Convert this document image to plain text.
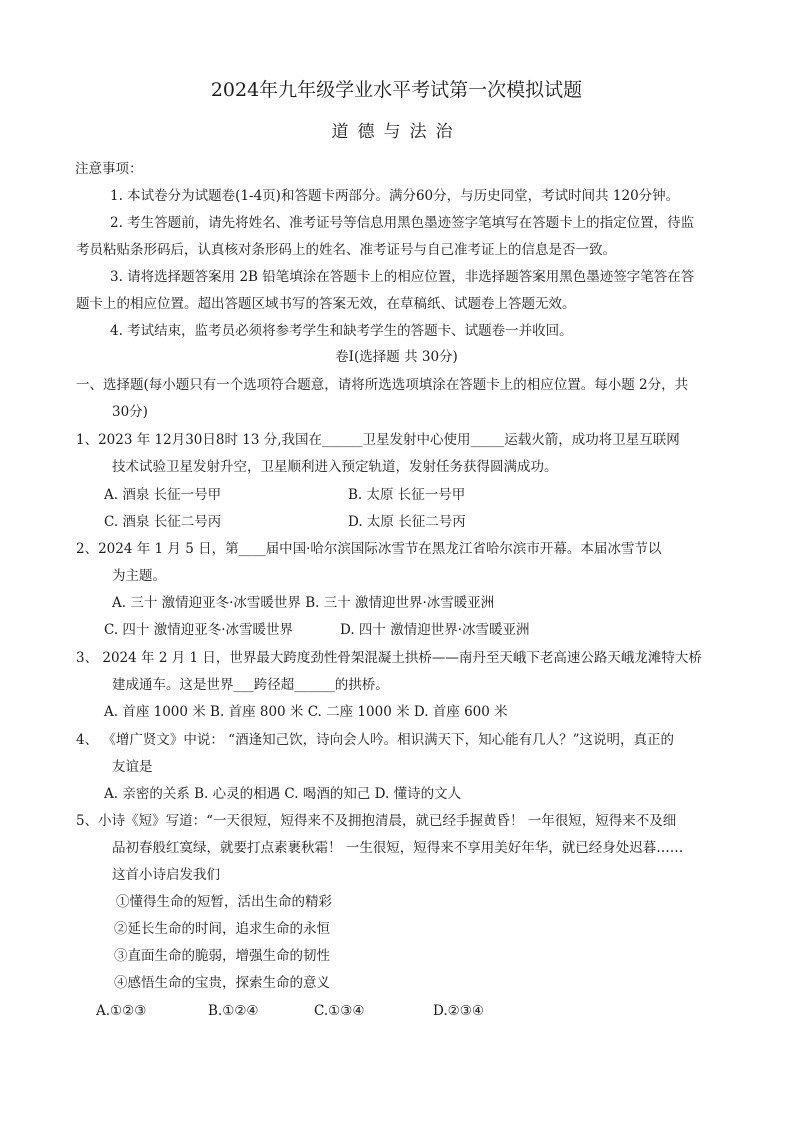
2024年九年级学业水平考试第一次模拟试题
道德与法治
注意事项：
1. 本试卷分为试题卷(1-4页)和答题卡两部分。满分60分，与历史同堂，考试时间共 120分钟。
2. 考生答题前，请先将姓名、准考证号等信息用黑色墨迹签字笔填写在答题卡上的指定位置，待监
考员粘贴条形码后，认真核对条形码上的姓名、准考证号与自己准考证上的信息是否一致。
3. 请将选择题答案用 2B 铅笔填涂在答题卡上的相应位置，非选择题答案用黑色墨迹签字笔答在答
题卡上的相应位置。超出答题区域书写的答案无效，在草稿纸、试题卷上答题无效。
4. 考试结束，监考员必须将参考学生和缺考学生的答题卡、试题卷一并收回。
卷Ⅰ(选择题 共 30分)
一、选择题(每小题只有一个选项符合题意，请将所选选项填涂在答题卡上的相应位置。每小题 2分，共
30分)
1、2023 年 12月30日8时 13 分,我国在______卫星发射中心使用_____运载火箭，成功将卫星互联网
技术试验卫星发射升空，卫星顺利进入预定轨道，发射任务获得圆满成功。
A. 酒泉 长征一号甲	B. 太原 长征一号甲
C. 酒泉 长征二号丙	D. 太原 长征二号丙
2、2024 年 1 月 5 日，第____届中国·哈尔滨国际冰雪节在黑龙江省哈尔滨市开幕。本届冰雪节以
为主题。
A. 三十 激情迎亚冬·冰雪暖世界 B. 三十 激情迎世界·冰雪暖亚洲
C. 四十 激情迎亚冬·冰雪暖世界	D. 四十 激情迎世界·冰雪暖亚洲
3、 2024 年 2 月 1 日，世界最大跨度劲性骨架混凝土拱桥——南丹至天峨下老高速公路天峨龙滩特大桥
建成通车。这是世界___跨径超______的拱桥。
A. 首座 1000 米 B. 首座 800 米 C. 二座 1000 米 D. 首座 600 米
4、 《增广贤文》中说： “酒逢知己饮，诗向会人吟。相识满天下，知心能有几人？”这说明，真正的
友谊是
A. 亲密的关系 B. 心灵的相遇 C. 喝酒的知己 D. 懂诗的文人
5、小诗《短》写道：“一天很短，短得来不及拥抱清晨，就已经手握黄昏！ 一年很短，短得来不及细
品初春般红寞绿，就要打点素裹秋霜！ 一生很短，短得来不享用美好年华，就已经身处迟暮……
这首小诗启发我们
①懂得生命的短暂，活出生命的精彩
②延长生命的时间，追求生命的永恒
③直面生命的脆弱，增强生命的韧性
④感悟生命的宝贵，探索生命的意义
A.①②③	B.①②④	C.①③④	D.②③④
